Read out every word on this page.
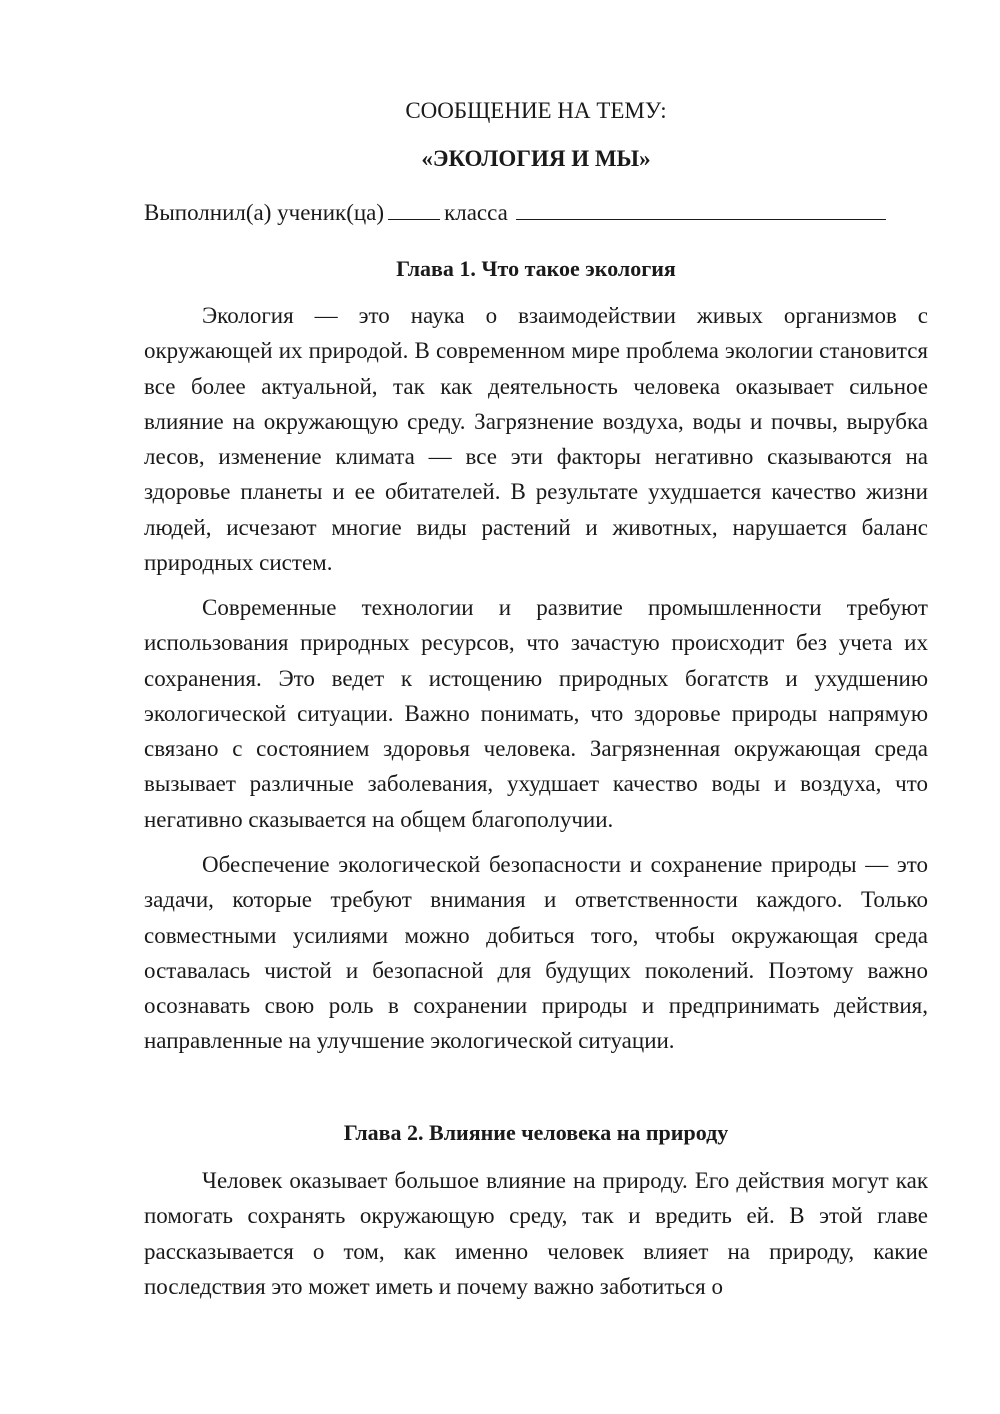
СООБЩЕНИЕ НА ТЕМУ:
«ЭКОЛОГИЯ И МЫ»
Выполнил(а) ученик(ца)	класса
Глава 1. Что такое экология

Экология — это наука о взаимодействии живых организмов с окружающей их природой. В современном мире проблема экологии становится все более актуальной, так как деятельность человека оказывает сильное влияние на окружающую среду. Загрязнение воздуха, воды и почвы, вырубка лесов, изменение климата — все эти факторы негативно сказываются на здоровье планеты и ее обитателей. В результате ухудшается качество жизни людей, исчезают многие виды растений и животных, нарушается баланс природных систем.

Современные технологии и развитие промышленности требуют использования природных ресурсов, что зачастую происходит без учета их сохранения. Это ведет к истощению природных богатств и ухудшению экологической ситуации. Важно понимать, что здоровье природы напрямую связано с состоянием здоровья человека. Загрязненная окружающая среда вызывает различные заболевания, ухудшает качество воды и воздуха, что негативно сказывается на общем благополучии.

Обеспечение экологической безопасности и сохранение природы — это задачи, которые требуют внимания и ответственности каждого. Только совместными усилиями можно добиться того, чтобы окружающая среда оставалась чистой и безопасной для будущих поколений. Поэтому важно осознавать свою роль в сохранении природы и предпринимать действия, направленные на улучшение экологической ситуации.

Глава 2. Влияние человека на природу

Человек оказывает большое влияние на природу. Его действия могут как помогать сохранять окружающую среду, так и вредить ей. В этой главе рассказывается о том, как именно человек влияет на природу, какие последствия это может иметь и почему важно заботиться о
